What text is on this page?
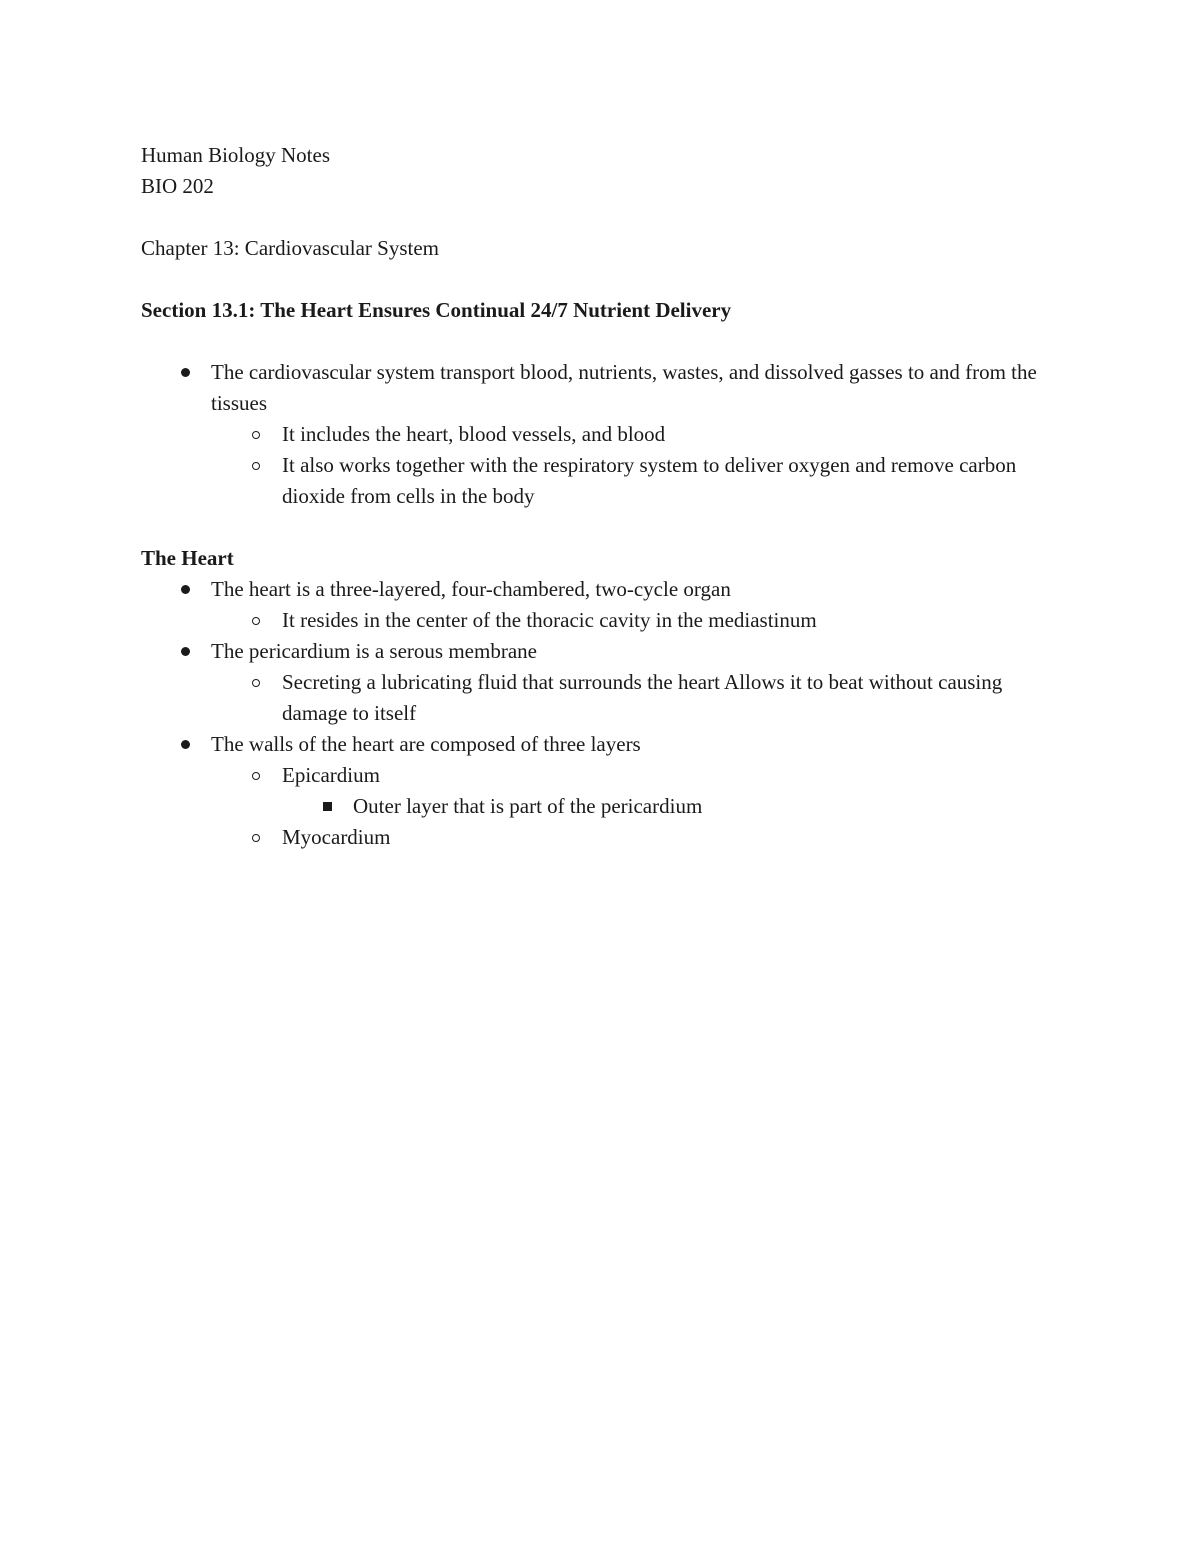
Human Biology Notes

BIO 202

Chapter 13: Cardiovascular System

Section 13.1: The Heart Ensures Continual 24/7 Nutrient Delivery

The cardiovascular system transport blood, nutrients, wastes, and dissolved gasses to and from the tissues
It includes the heart, blood vessels, and blood
It also works together with the respiratory system to deliver oxygen and remove carbon dioxide from cells in the body

The Heart

The heart is a three-layered, four-chambered, two-cycle organ
It resides in the center of the thoracic cavity in the mediastinum
The pericardium is a serous membrane
Secreting a lubricating fluid that surrounds the heart Allows it to beat without causing damage to itself
The walls of the heart are composed of three layers
Epicardium
Outer layer that is part of the pericardium
Myocardium
